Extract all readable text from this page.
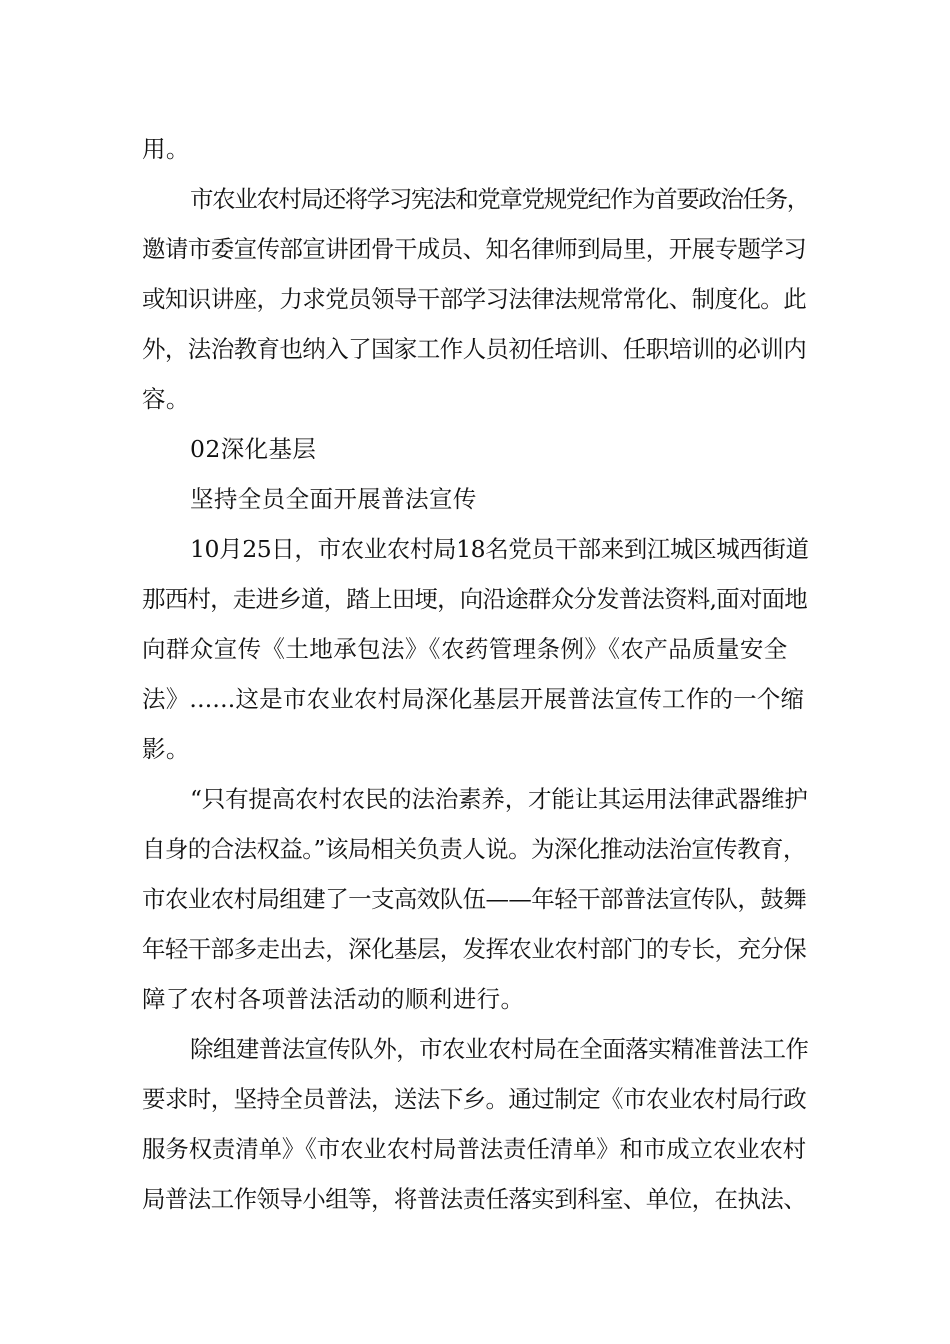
用。
市农业农村局还将学习宪法和党章党规党纪作为首要政治任务，
邀请市委宣传部宣讲团骨干成员、知名律师到局里，开展专题学习
或知识讲座，力求党员领导干部学习法律法规常常化、制度化。此
外，法治教育也纳入了国家工作人员初任培训、任职培训的必训内
容。
02深化基层
坚持全员全面开展普法宣传
10月25日，市农业农村局18名党员干部来到江城区城西街道
那西村，走进乡道，踏上田埂，向沿途群众分发普法资料,面对面地
向群众宣传《土地承包法》《农药管理条例》《农产品质量安全
法》......这是市农业农村局深化基层开展普法宣传工作的一个缩
影。
“只有提高农村农民的法治素养，才能让其运用法律武器维护
自身的合法权益。”该局相关负责人说。为深化推动法治宣传教育，
市农业农村局组建了一支高效队伍——年轻干部普法宣传队，鼓舞
年轻干部多走出去，深化基层，发挥农业农村部门的专长，充分保
障了农村各项普法活动的顺利进行。
除组建普法宣传队外，市农业农村局在全面落实精准普法工作
要求时，坚持全员普法，送法下乡。通过制定《市农业农村局行政
服务权责清单》《市农业农村局普法责任清单》和市成立农业农村
局普法工作领导小组等，将普法责任落实到科室、单位，在执法、
